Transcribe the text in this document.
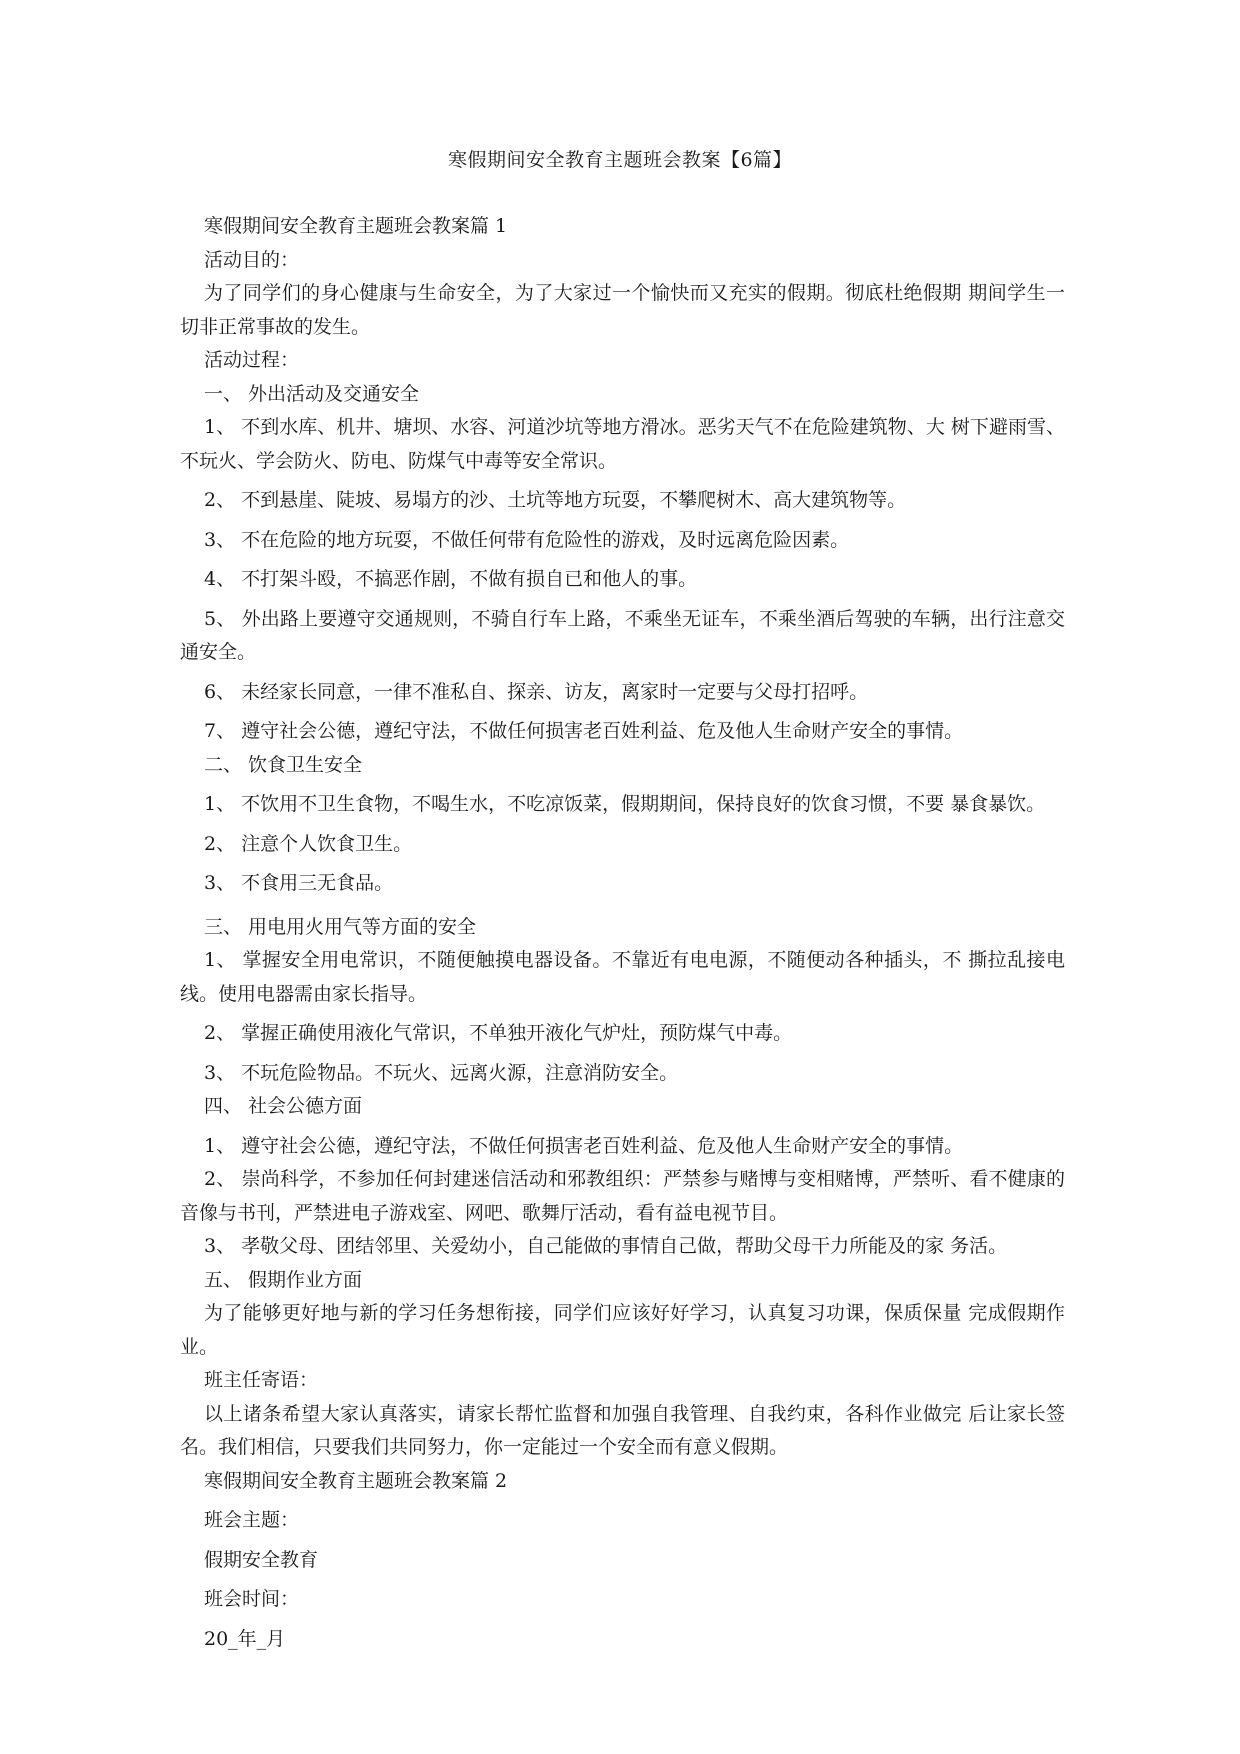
寒假期间安全教育主题班会教案【6篇】
寒假期间安全教育主题班会教案篇 1
活动目的：
为了同学们的身心健康与生命安全，为了大家过一个愉快而又充实的假期。彻底杜绝假期 期间学生一切非正常事故的发生。
活动过程：
一、 外出活动及交通安全
1、 不到水库、机井、塘坝、水容、河道沙坑等地方滑冰。恶劣天气不在危险建筑物、大 树下避雨雪、不玩火、学会防火、防电、防煤气中毒等安全常识。
2、 不到悬崖、陡坡、易塌方的沙、土坑等地方玩耍，不攀爬树木、高大建筑物等。
3、 不在危险的地方玩耍，不做任何带有危险性的游戏，及时远离危险因素。
4、 不打架斗殴，不搞恶作剧，不做有损自已和他人的事。
5、 外出路上要遵守交通规则，不骑自行车上路，不乘坐无证车，不乘坐酒后驾驶的车辆，出行注意交通安全。
6、 未经家长同意，一律不准私自、探亲、访友，离家时一定要与父母打招呼。
7、 遵守社会公德，遵纪守法，不做任何损害老百姓利益、危及他人生命财产安全的事情。
二、 饮食卫生安全
1、 不饮用不卫生食物，不喝生水，不吃凉饭菜，假期期间，保持良好的饮食习惯，不要 暴食暴饮。
2、 注意个人饮食卫生。
3、 不食用三无食品。
三、 用电用火用气等方面的安全
1、 掌握安全用电常识，不随便触摸电器设备。不靠近有电电源，不随便动各种插头，不 撕拉乱接电线。使用电器需由家长指导。
2、 掌握正确使用液化气常识，不单独开液化气炉灶，预防煤气中毒。
3、 不玩危险物品。不玩火、远离火源，注意消防安全。
四、 社会公德方面
1、 遵守社会公德，遵纪守法，不做任何损害老百姓利益、危及他人生命财产安全的事情。
2、 崇尚科学，不参加任何封建迷信活动和邪教组织：严禁参与赌博与变相赌博，严禁听、看不健康的音像与书刊，严禁进电子游戏室、网吧、歌舞厅活动，看有益电视节目。
3、 孝敬父母、团结邻里、关爱幼小，自己能做的事情自己做，帮助父母干力所能及的家 务活。
五、 假期作业方面
为了能够更好地与新的学习任务想衔接，同学们应该好好学习，认真复习功课，保质保量 完成假期作业。
班主任寄语：
以上诸条希望大家认真落实，请家长帮忙监督和加强自我管理、自我约束，各科作业做完 后让家长签名。我们相信，只要我们共同努力，你一定能过一个安全而有意义假期。
寒假期间安全教育主题班会教案篇 2
班会主题：
假期安全教育
班会时间：
20_年_月
